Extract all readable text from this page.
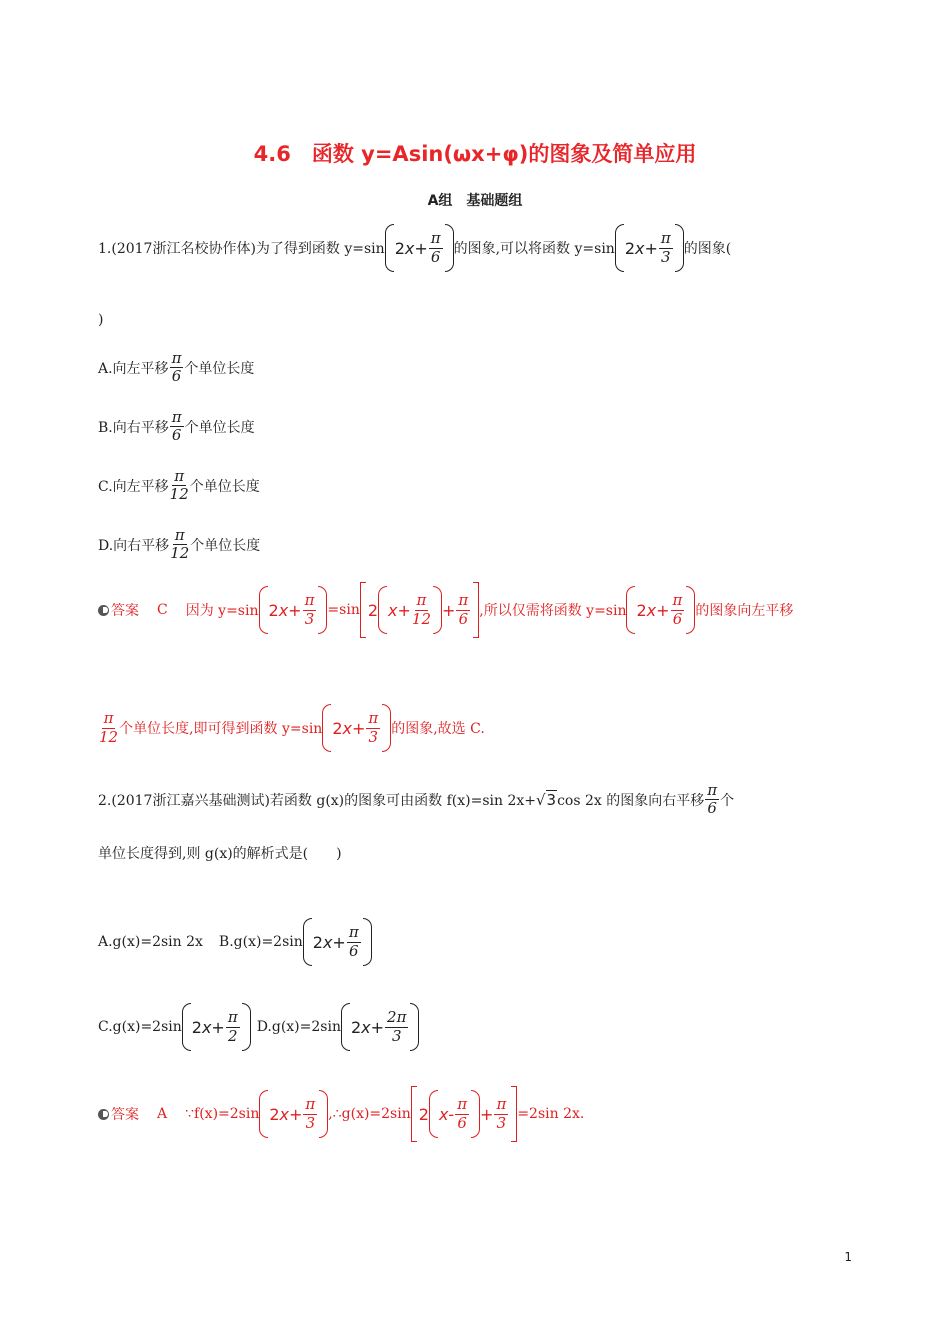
4.6　函数 y=Asin(ωx+φ)的图象及简单应用
A组　基础题组
1.(2017浙江名校协作体)为了得到函数 y=sin 2 $x + \frac{\pi}{6}$ 的图象,可以将函数 y=sin 2 $x + \frac{\pi}{3}$ 的图象(
)
A.向左平移 $\frac{\pi}{6}$ 个单位长度
B.向右平移 $\frac{\pi}{6}$ 个单位长度
C.向左平移 $\frac{\pi}{12}$ 个单位长度
D.向右平移 $\frac{\pi}{12}$ 个单位长度
答案 C 因为 y=sin 2 $x + \frac{\pi}{3} =\sin$ 2 $x + \frac{\pi}{12} + \frac{\pi}{6}$ ,所以仅需将函数 y=sin 2 $x + \frac{\pi}{6}$ 的图象向左平移
$\frac{\pi}{12}$ 个单位长度,即可得到函数 y=sin 2 $x + \frac{\pi}{3}$ 的图象,故选 C.
2.(2017浙江嘉兴基础测试)若函数 g(x)的图象可由函数 f(x)=sin 2x+ √ 3 cos 2x 的图象向右平移 $\frac{\pi}{6}$ 个
单位长度得到,则 g(x)的解析式是(　　)
A.g(x)=2sin 2x B.g(x)=2sin 2 $x + \frac{\pi}{6}$
C.g(x)=2sin 2 $x + \frac{\pi}{2} D.g(x)=2\sin$ 2 $x + \frac{2\pi}{3}$
答案 A ∵f(x)=2sin 2 $x + \frac{\pi}{3}$ ,∴g(x)=2sin 2 $x - \frac{\pi}{6} + \frac{\pi}{3} =2\sin$ 2x.
1
